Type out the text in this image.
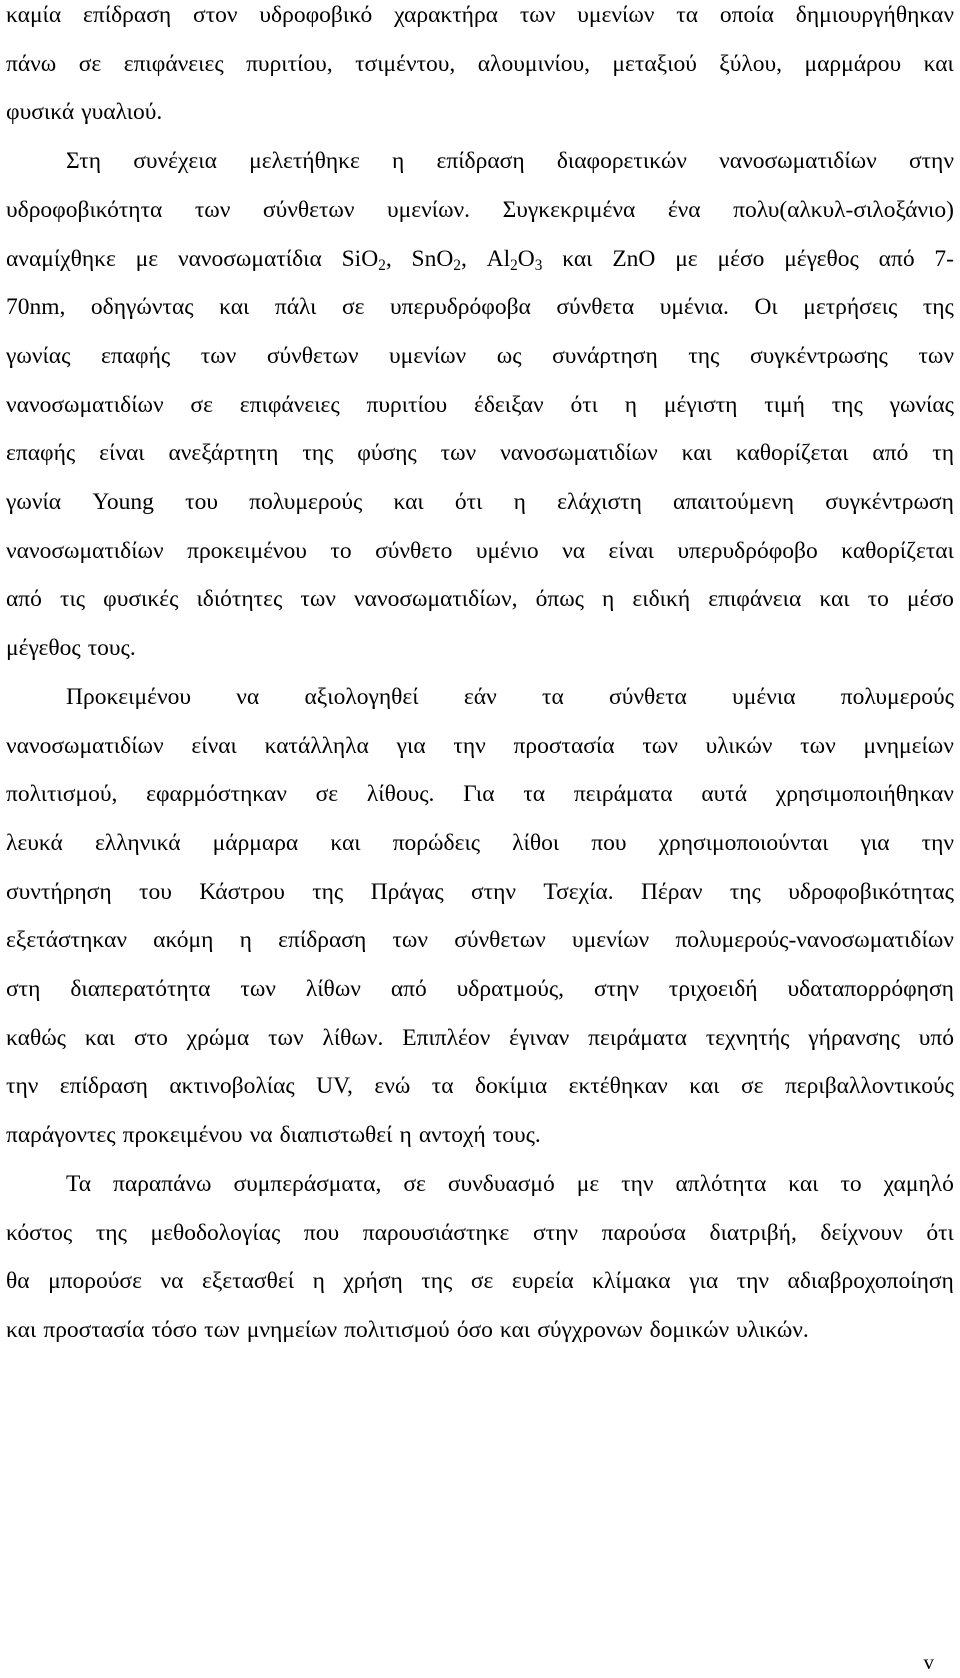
καμία επίδραση στον υδροφοβικό χαρακτήρα των υμενίων τα οποία δημιουργήθηκαν
πάνω σε επιφάνειες πυριτίου, τσιμέντου, αλουμινίου, μεταξιού ξύλου, μαρμάρου και
φυσικά γυαλιού.
Στη συνέχεια μελετήθηκε η επίδραση διαφορετικών νανοσωματιδίων στην
υδροφοβικότητα των σύνθετων υμενίων. Συγκεκριμένα ένα πολυ(αλκυλ-σιλοξάνιο)
αναμίχθηκε με νανοσωματίδια SiO$_2$, SnO$_2$, $Al_2O_3$ και ZnO με μέσο μέγεθος από 7-
70nm, οδηγώντας και πάλι σε υπερυδρόφοβα σύνθετα υμένια. Οι μετρήσεις της
γωνίας επαφής των σύνθετων υμενίων ως συνάρτηση της συγκέντρωσης των
νανοσωματιδίων σε επιφάνειες πυριτίου έδειξαν ότι η μέγιστη τιμή της γωνίας
επαφής είναι ανεξάρτητη της φύσης των νανοσωματιδίων και καθορίζεται από τη
γωνία Young του πολυμερούς και ότι η ελάχιστη απαιτούμενη συγκέντρωση
νανοσωματιδίων προκειμένου το σύνθετο υμένιο να είναι υπερυδρόφοβο καθορίζεται
από τις φυσικές ιδιότητες των νανοσωματιδίων, όπως η ειδική επιφάνεια και το μέσο
μέγεθος τους.
Προκειμένου να αξιολογηθεί εάν τα σύνθετα υμένια πολυμερούς
νανοσωματιδίων είναι κατάλληλα για την προστασία των υλικών των μνημείων
πολιτισμού, εφαρμόστηκαν σε λίθους. Για τα πειράματα αυτά χρησιμοποιήθηκαν
λευκά ελληνικά μάρμαρα και πορώδεις λίθοι που χρησιμοποιούνται για την
συντήρηση του Κάστρου της Πράγας στην Τσεχία. Πέραν της υδροφοβικότητας
εξετάστηκαν ακόμη η επίδραση των σύνθετων υμενίων πολυμερούς-νανοσωματιδίων
στη διαπερατότητα των λίθων από υδρατμούς, στην τριχοειδή υδαταπορρόφηση
καθώς και στο χρώμα των λίθων. Επιπλέον έγιναν πειράματα τεχνητής γήρανσης υπό
την επίδραση ακτινοβολίας UV, ενώ τα δοκίμια εκτέθηκαν και σε περιβαλλοντικούς
παράγοντες προκειμένου να διαπιστωθεί η αντοχή τους.
Τα παραπάνω συμπεράσματα, σε συνδυασμό με την απλότητα και το χαμηλό
κόστος της μεθοδολογίας που παρουσιάστηκε στην παρούσα διατριβή, δείχνουν ότι
θα μπορούσε να εξετασθεί η χρήση της σε ευρεία κλίμακα για την αδιαβροχοποίηση
και προστασία τόσο των μνημείων πολιτισμού όσο και σύγχρονων δομικών υλικών.
v
